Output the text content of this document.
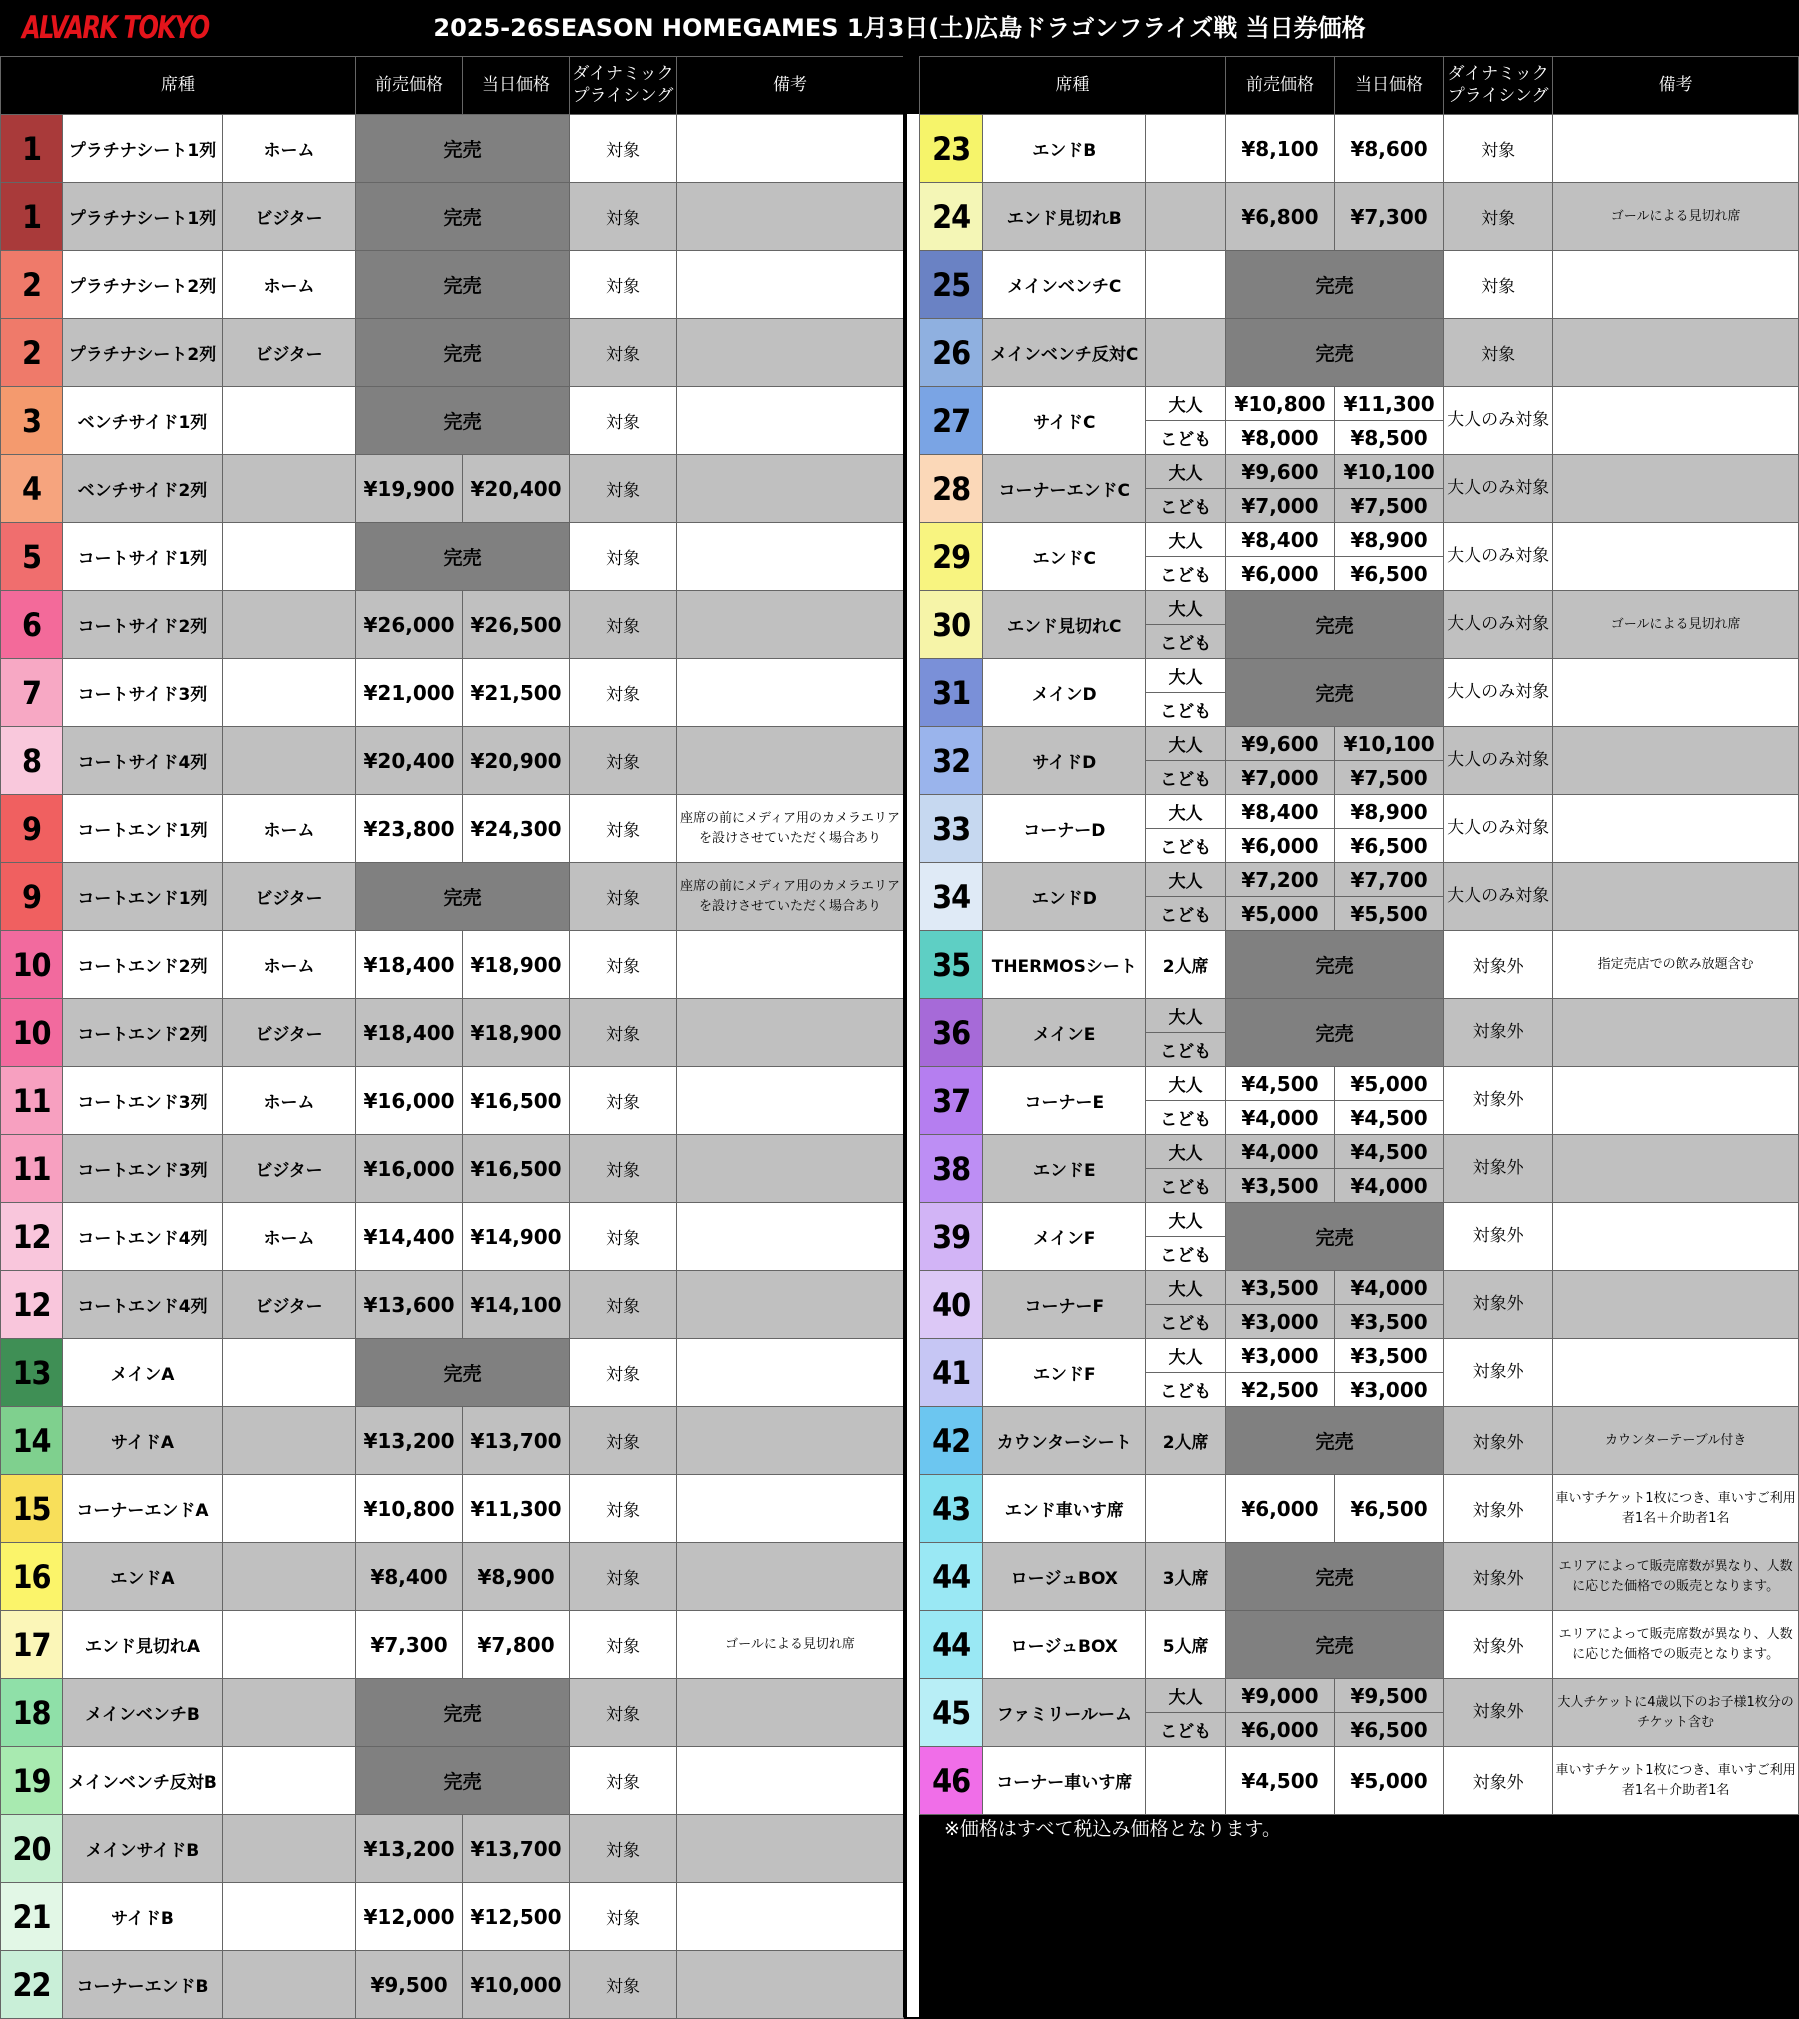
ALVARK TOKYO	2025-26SEASON HOMEGAMES 1月3日(土)広島ドラゴンフライズ戦 当日券価格
席種			前売価格	当日価格	ダイナミックプライシング	備考
1	プラチナシート1列	ホーム	完売		対象	
1	プラチナシート1列	ビジター	完売		対象	
2	プラチナシート2列	ホーム	完売		対象	
2	プラチナシート2列	ビジター	完売		対象	
3	ベンチサイド1列		完売		対象	
4	ベンチサイド2列		¥19,900	¥20,400	対象	
5	コートサイド1列		完売		対象	
6	コートサイド2列		¥26,000	¥26,500	対象	
7	コートサイド3列		¥21,000	¥21,500	対象	
8	コートサイド4列		¥20,400	¥20,900	対象	
9	コートエンド1列	ホーム	¥23,800	¥24,300	対象	座席の前にメディア用のカメラエリアを設けさせていただく場合あり
9	コートエンド1列	ビジター	完売		対象	座席の前にメディア用のカメラエリアを設けさせていただく場合あり
10	コートエンド2列	ホーム	¥18,400	¥18,900	対象	
10	コートエンド2列	ビジター	¥18,400	¥18,900	対象	
11	コートエンド3列	ホーム	¥16,000	¥16,500	対象	
11	コートエンド3列	ビジター	¥16,000	¥16,500	対象	
12	コートエンド4列	ホーム	¥14,400	¥14,900	対象	
12	コートエンド4列	ビジター	¥13,600	¥14,100	対象	
13	メインA		完売		対象	
14	サイドA		¥13,200	¥13,700	対象	
15	コーナーエンドA		¥10,800	¥11,300	対象	
16	エンドA		¥8,400	¥8,900	対象	
17	エンド見切れA		¥7,300	¥7,800	対象	ゴールによる見切れ席
18	メインベンチB		完売		対象	
19	メインベンチ反対B		完売		対象	
20	メインサイドB		¥13,200	¥13,700	対象	
21	サイドB		¥12,000	¥12,500	対象	
22	コーナーエンドB		¥9,500	¥10,000	対象	
席種			前売価格	当日価格	ダイナミックプライシング	備考
23	エンドB		¥8,100	¥8,600	対象	
24	エンド見切れB		¥6,800	¥7,300	対象	ゴールによる見切れ席
25	メインベンチC		完売		対象	
26	メインベンチ反対C		完売		対象	
27	サイドC	大人	¥10,800	¥11,300	大人のみ対象	
		こども	¥8,000	¥8,500		
28	コーナーエンドC	大人	¥9,600	¥10,100	大人のみ対象	
		こども	¥7,000	¥7,500		
29	エンドC	大人	¥8,400	¥8,900	大人のみ対象	
		こども	¥6,000	¥6,500		
30	エンド見切れC	大人	完売		大人のみ対象	ゴールによる見切れ席
		こども				
31	メインD	大人	完売		大人のみ対象	
		こども				
32	サイドD	大人	¥9,600	¥10,100	大人のみ対象	
		こども	¥7,000	¥7,500		
33	コーナーD	大人	¥8,400	¥8,900	大人のみ対象	
		こども	¥6,000	¥6,500		
34	エンドD	大人	¥7,200	¥7,700	大人のみ対象	
		こども	¥5,000	¥5,500		
35	THERMOSシート	2人席	完売		対象外	指定売店での飲み放題含む
36	メインE	大人	完売		対象外	
		こども				
37	コーナーE	大人	¥4,500	¥5,000	対象外	
		こども	¥4,000	¥4,500		
38	エンドE	大人	¥4,000	¥4,500	対象外	
		こども	¥3,500	¥4,000		
39	メインF	大人	完売		対象外	
		こども				
40	コーナーF	大人	¥3,500	¥4,000	対象外	
		こども	¥3,000	¥3,500		
41	エンドF	大人	¥3,000	¥3,500	対象外	
		こども	¥2,500	¥3,000		
42	カウンターシート	2人席	完売		対象外	カウンターテーブル付き
43	エンド車いす席		¥6,000	¥6,500	対象外	車いすチケット1枚につき、車いすご利用者1名＋介助者1名
44	ロージュBOX	3人席	完売		対象外	エリアによって販売席数が異なり、人数に応じた価格での販売となります。
44	ロージュBOX	5人席	完売		対象外	エリアによって販売席数が異なり、人数に応じた価格での販売となります。
45	ファミリールーム	大人	¥9,000	¥9,500	対象外	大人チケットに4歳以下のお子様1枚分のチケット含む
		こども	¥6,000	¥6,500		
46	コーナー車いす席		¥4,500	¥5,000	対象外	車いすチケット1枚につき、車いすご利用者1名＋介助者1名
※価格はすべて税込み価格となります。
